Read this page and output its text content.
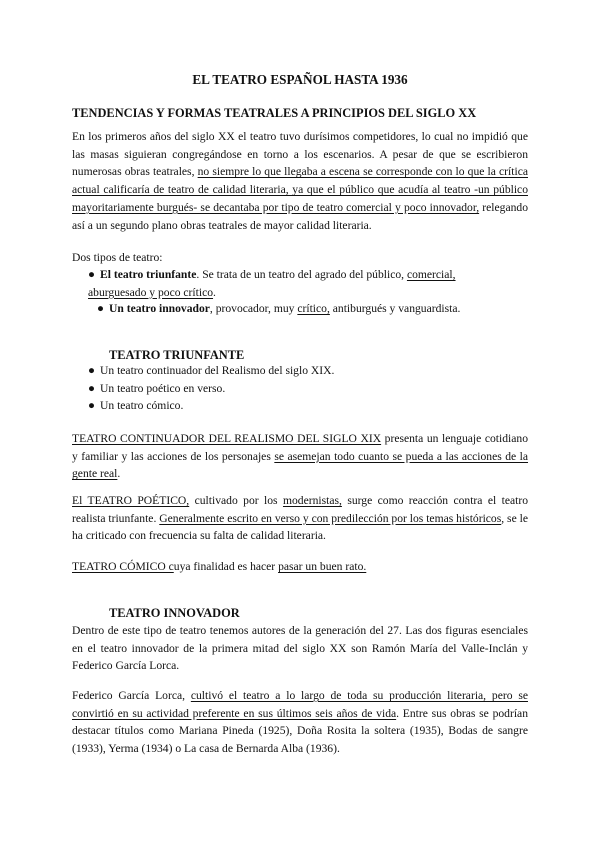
EL TEATRO ESPAÑOL HASTA 1936
TENDENCIAS Y FORMAS TEATRALES A PRINCIPIOS DEL SIGLO XX

En los primeros años del siglo XX el teatro tuvo durísimos competidores, lo cual no impidió que las masas siguieran congregándose en torno a los escenarios. A pesar de que se escribieron numerosas obras teatrales, no siempre lo que llegaba a escena se corresponde con lo que la crítica actual calificaría de teatro de calidad literaria, ya que el público que acudía al teatro -un público mayoritariamente burgués- se decantaba por tipo de teatro comercial y poco innovador, relegando así a un segundo plano obras teatrales de mayor calidad literaria.

Dos tipos de teatro:

● El teatro triunfante. Se trata de un teatro del agrado del público, comercial, aburguesado y poco crítico.
● Un teatro innovador, provocador, muy crítico, antiburgués y vanguardista.
TEATRO TRIUNFANTE
● Un teatro continuador del Realismo del siglo XIX.
● Un teatro poético en verso.
● Un teatro cómico.

TEATRO CONTINUADOR DEL REALISMO DEL SIGLO XIX presenta un lenguaje cotidiano y familiar y las acciones de los personajes se asemejan todo cuanto se pueda a las acciones de la gente real.

El TEATRO POÉTICO, cultivado por los modernistas, surge como reacción contra el teatro realista triunfante. Generalmente escrito en verso y con predilección por los temas históricos, se le ha criticado con frecuencia su falta de calidad literaria.

TEATRO CÓMICO cuya finalidad es hacer pasar un buen rato.

TEATRO INNOVADOR

Dentro de este tipo de teatro tenemos autores de la generación del 27. Las dos figuras esenciales en el teatro innovador de la primera mitad del siglo XX son Ramón María del Valle-Inclán y Federico García Lorca.

Federico García Lorca, cultivó el teatro a lo largo de toda su producción literaria, pero se convirtió en su actividad preferente en sus últimos seis años de vida. Entre sus obras se podrían destacar títulos como Mariana Pineda (1925), Doña Rosita la soltera (1935), Bodas de sangre (1933), Yerma (1934) o La casa de Bernarda Alba (1936).
